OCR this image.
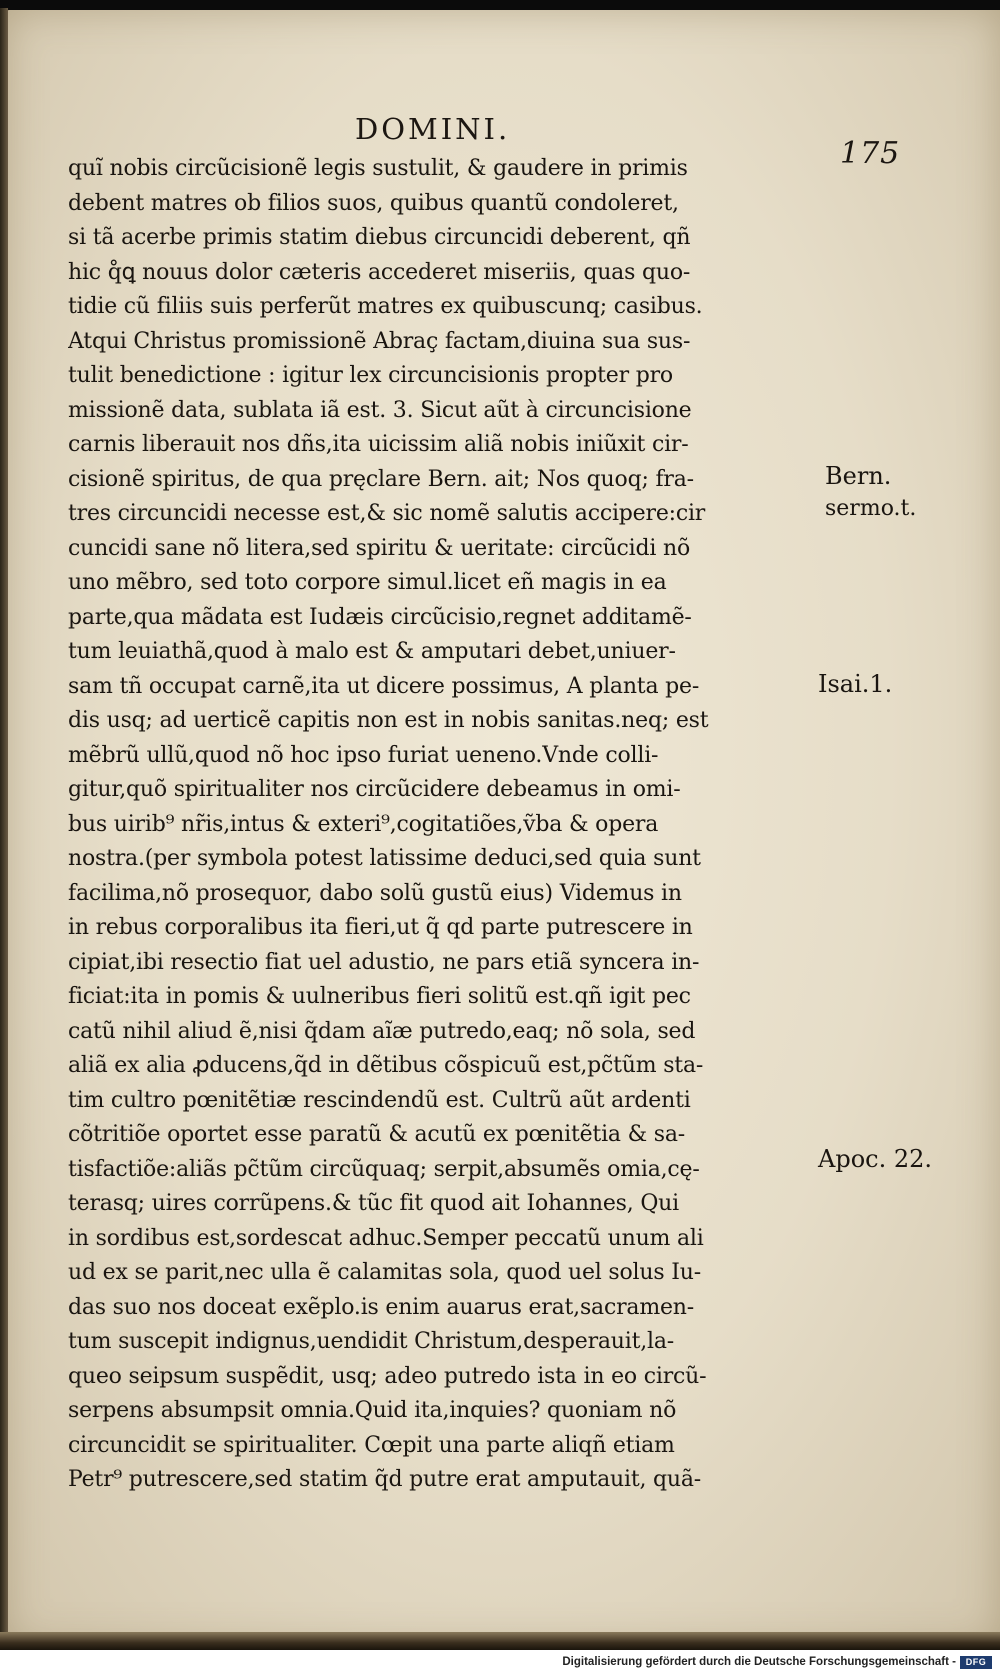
DOMINI.
175
quĩ nobis circũcisionẽ legis sustulit, & gaudere in primis
debent matres ob filios suos, quibus quantũ condoleret,
si tã acerbe primis statim diebus circuncidi deberent, qñ
hic q̊ꝗ nouus dolor cæteris accederet miseriis, quas quo-
tidie cũ filiis suis perferũt matres ex quibuscunq; casibus.
Atqui Christus promissionẽ Abraç factam,diuina sua sus-
tulit benedictione : igitur lex circuncisionis propter pro
missionẽ data, sublata iã est. 3. Sicut aũt à circuncisione
carnis liberauit nos dñs,ita uicissim aliã nobis iniũxit cir-
cisionẽ spiritus, de qua pręclare Bern. ait; Nos quoq; fra-
tres circuncidi necesse est,& sic nomẽ salutis accipere:cir
cuncidi sane nõ litera,sed spiritu & ueritate: circũcidi nõ
uno mẽbro, sed toto corpore simul.licet eñ magis in ea
parte,qua mãdata est Iudæis circũcisio,regnet additamẽ-
tum leuiathã,quod à malo est & amputari debet,uniuer-
sam tñ occupat carnẽ,ita ut dicere possimus, A planta pe-
dis usq; ad uerticẽ capitis non est in nobis sanitas.neq; est
mẽbrũ ullũ,quod nõ hoc ipso furiat ueneno.Vnde colli-
gitur,quõ spiritualiter nos circũcidere debeamus in omi-
bus uirib⁹ nr̃is,intus & exteri⁹,cogitatiões,ṽba & opera
nostra.(per symbola potest latissime deduci,sed quia sunt
facilima,nõ prosequor, dabo solũ gustũ eius) Videmus in
in rebus corporalibus ita fieri,ut q̃ qd parte putrescere in
cipiat,ibi resectio fiat uel adustio, ne pars etiã syncera in-
ficiat:ita in pomis & uulneribus fieri solitũ est.qñ igit pec
catũ nihil aliud ẽ,nisi q̃dam aĩæ putredo,eaq; nõ sola, sed
aliã ex alia ꝓducens,q̃d in dẽtibus cõspicuũ est,pc̃tũm sta-
tim cultro pœnitẽtiæ rescindendũ est. Cultrũ aũt ardenti
cõtritiõe oportet esse paratũ & acutũ ex pœnitẽtia & sa-
tisfactiõe:aliãs pc̃tũm circũquaq; serpit,absumẽs omia,cę-
terasq; uires corrũpens.& tũc fit quod ait Iohannes, Qui
in sordibus est,sordescat adhuc.Semper peccatũ unum ali
ud ex se parit,nec ulla ẽ calamitas sola, quod uel solus Iu-
das suo nos doceat exẽplo.is enim auarus erat,sacramen-
tum suscepit indignus,uendidit Christum,desperauit,la-
queo seipsum suspẽdit, usq; adeo putredo ista in eo circũ-
serpens absumpsit omnia.Quid ita,inquies? quoniam nõ
circuncidit se spiritualiter. Cœpit una parte aliqñ etiam
Petr⁹ putrescere,sed statim q̃d putre erat amputauit, quã-
Bern.
sermo.t.
Isai.1.
Apoc. 22.
Digitalisierung gefördert durch die Deutsche Forschungsgemeinschaft -	DFG
